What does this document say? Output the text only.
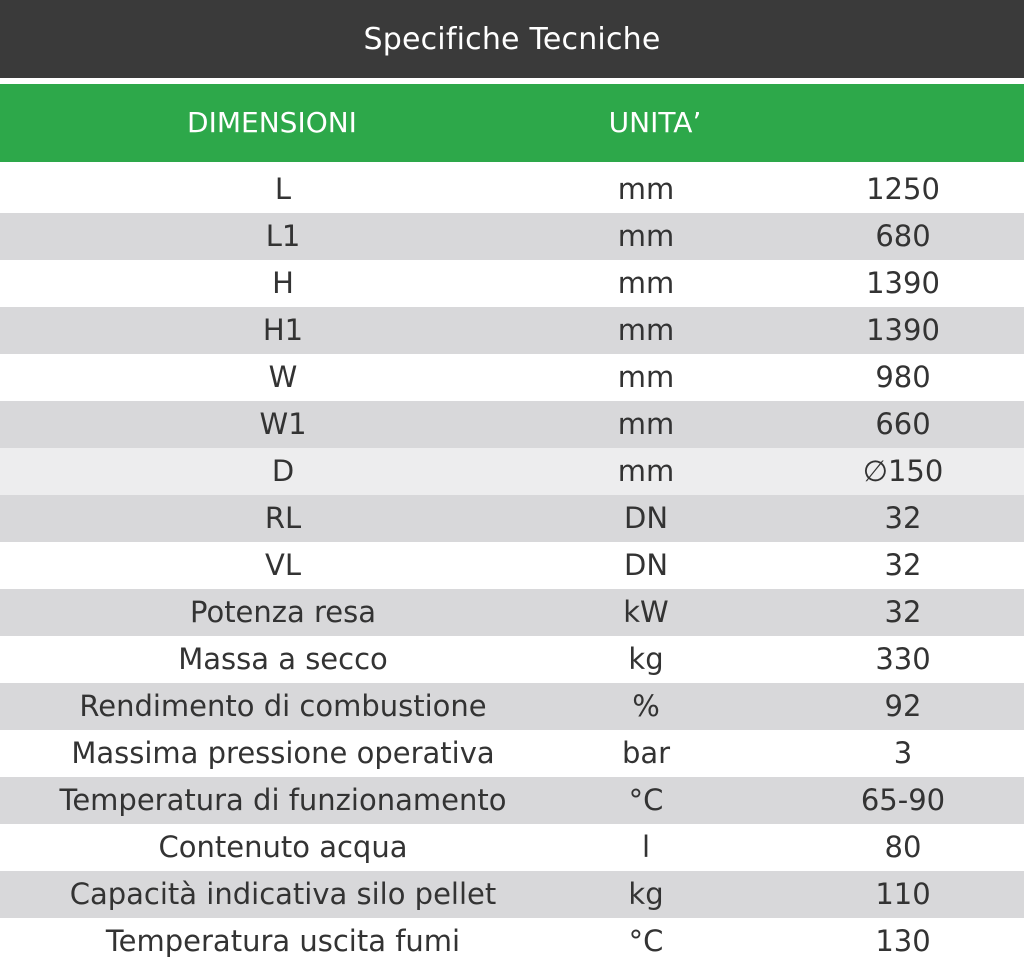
Specifiche Tecniche
DIMENSIONI	UNITA’
L	mm	1250
L1	mm	680
H	mm	1390
H1	mm	1390
W	mm	980
W1	mm	660
D	mm	∅150
RL	DN	32
VL	DN	32
Potenza resa	kW	32
Massa a secco	kg	330
Rendimento di combustione	%	92
Massima pressione operativa	bar	3
Temperatura di funzionamento	°C	65-90
Contenuto acqua	l	80
Capacità indicativa silo pellet	kg	110
Temperatura uscita fumi	°C	130
